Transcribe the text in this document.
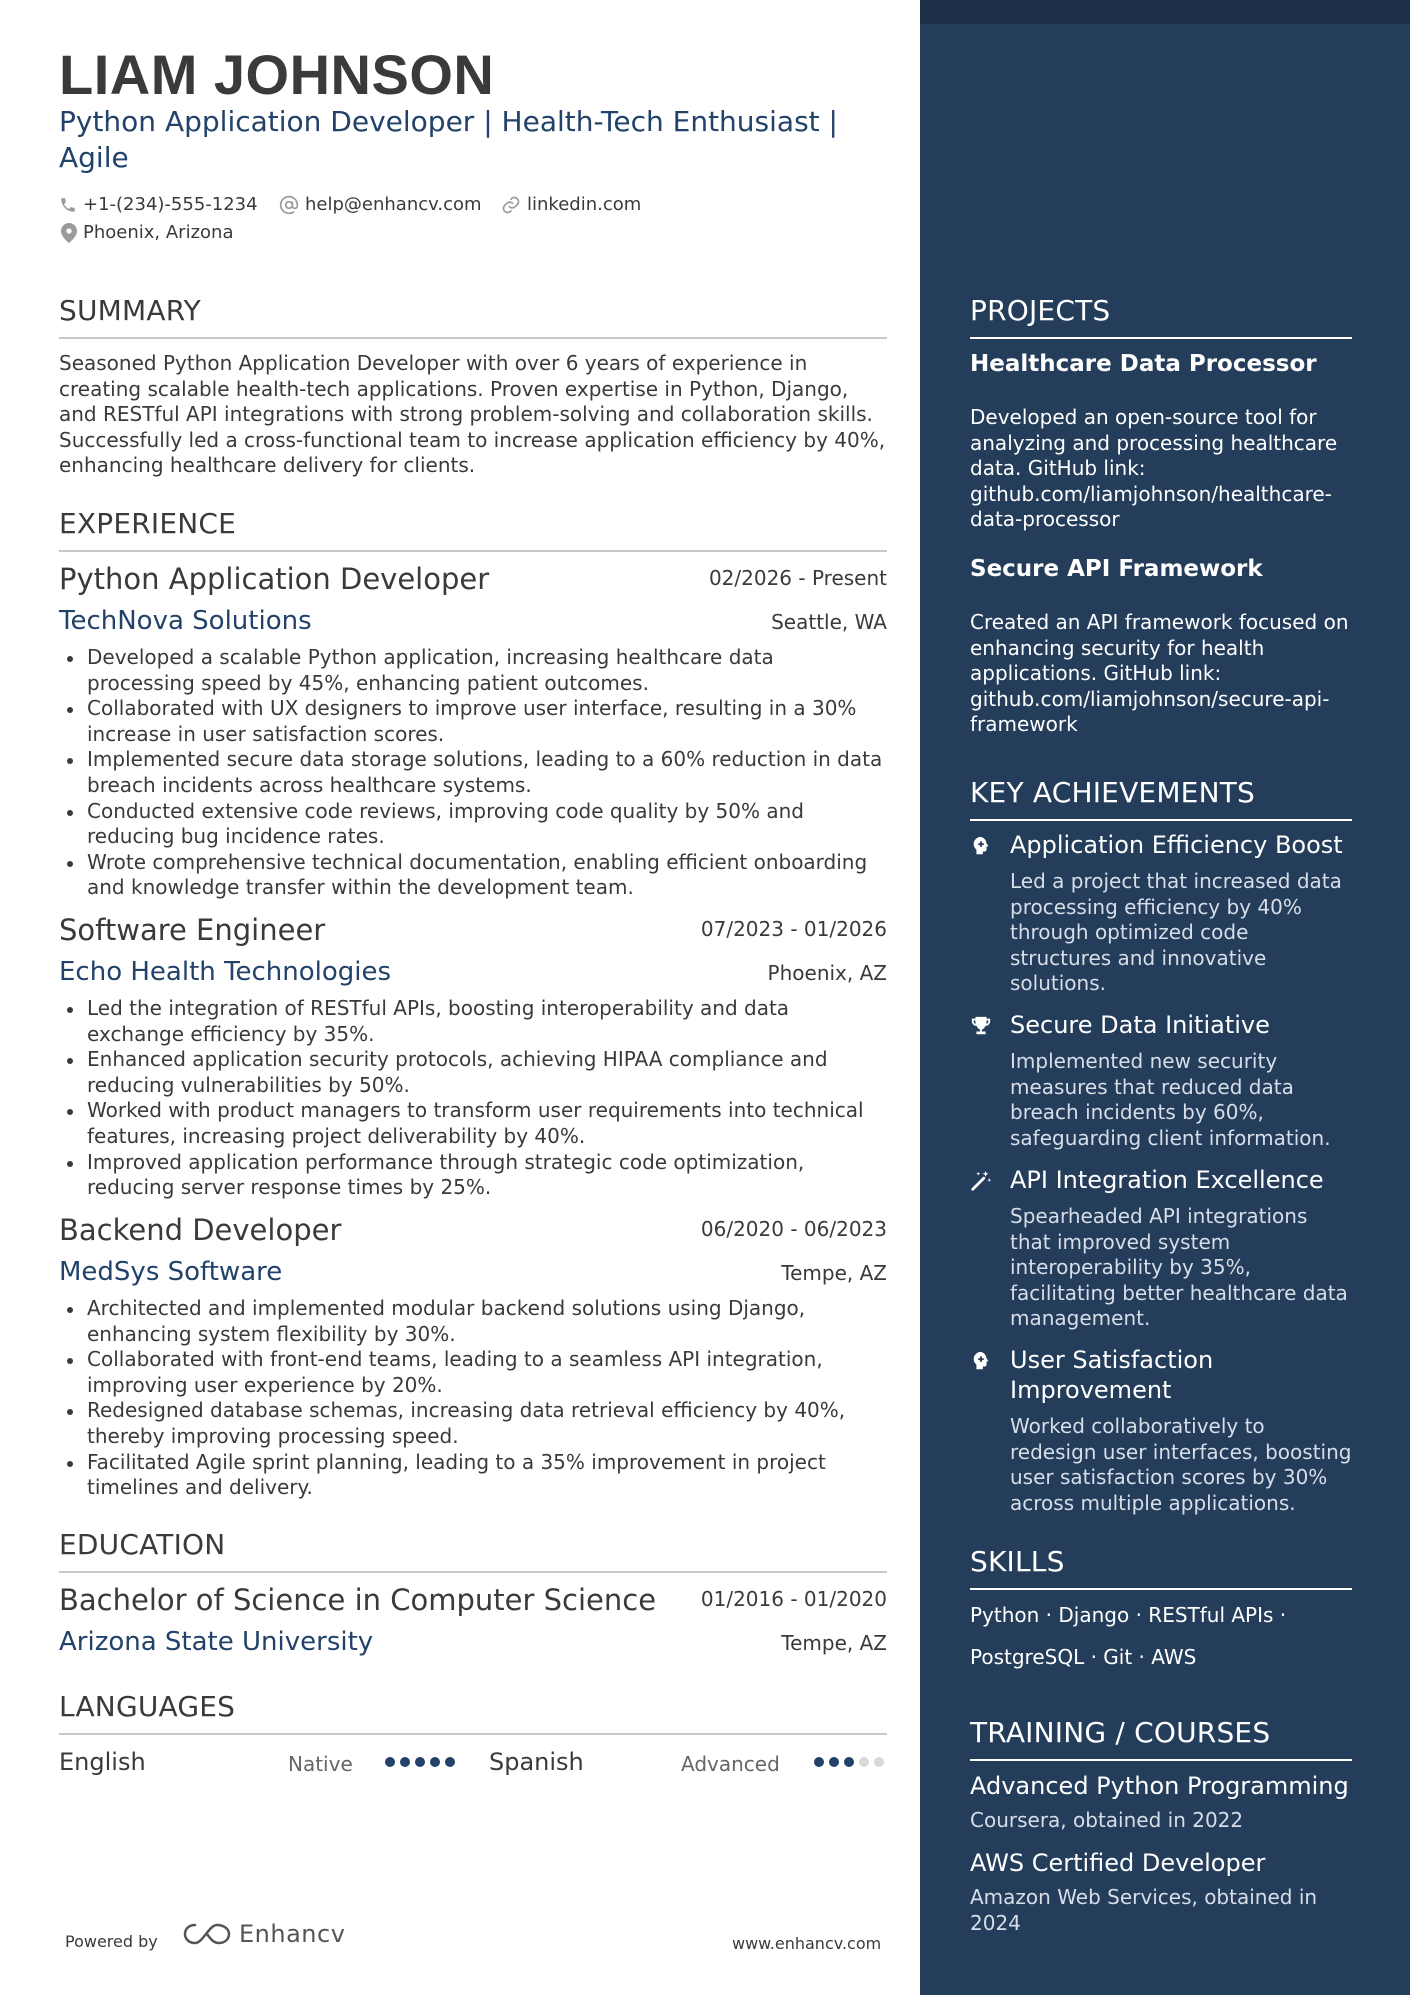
LIAM JOHNSON
Python Application Developer | Health-Tech Enthusiast | Agile
+1-(234)-555-1234	help@enhancv.com	linkedin.com
Phoenix, Arizona
SUMMARY
Seasoned Python Application Developer with over 6 years of experience in creating scalable health-tech applications. Proven expertise in Python, Django, and RESTful API integrations with strong problem-solving and collaboration skills. Successfully led a cross-functional team to increase application efficiency by 40%, enhancing healthcare delivery for clients.
EXPERIENCE
Python Application Developer	02/2026 - Present
TechNova Solutions	Seattle, WA
Developed a scalable Python application, increasing healthcare data processing speed by 45%, enhancing patient outcomes.
Collaborated with UX designers to improve user interface, resulting in a 30% increase in user satisfaction scores.
Implemented secure data storage solutions, leading to a 60% reduction in data breach incidents across healthcare systems.
Conducted extensive code reviews, improving code quality by 50% and reducing bug incidence rates.
Wrote comprehensive technical documentation, enabling efficient onboarding and knowledge transfer within the development team.
Software Engineer	07/2023 - 01/2026
Echo Health Technologies	Phoenix, AZ
Led the integration of RESTful APIs, boosting interoperability and data exchange efficiency by 35%.
Enhanced application security protocols, achieving HIPAA compliance and reducing vulnerabilities by 50%.
Worked with product managers to transform user requirements into technical features, increasing project deliverability by 40%.
Improved application performance through strategic code optimization, reducing server response times by 25%.
Backend Developer	06/2020 - 06/2023
MedSys Software	Tempe, AZ
Architected and implemented modular backend solutions using Django, enhancing system flexibility by 30%.
Collaborated with front-end teams, leading to a seamless API integration, improving user experience by 20%.
Redesigned database schemas, increasing data retrieval efficiency by 40%, thereby improving processing speed.
Facilitated Agile sprint planning, leading to a 35% improvement in project timelines and delivery.
EDUCATION
Bachelor of Science in Computer Science 01/2016 - 01/2020
Arizona State University	Tempe, AZ
LANGUAGES
English	Native	Spanish	Advanced
Powered by	Enhancv	www.enhancv.com
PROJECTS
Healthcare Data Processor
Developed an open-source tool for analyzing and processing healthcare data. GitHub link: github.com/liamjohnson/healthcare-data-processor
Secure API Framework
Created an API framework focused on enhancing security for health applications. GitHub link: github.com/liamjohnson/secure-api-framework
KEY ACHIEVEMENTS
Application Efficiency Boost
Led a project that increased data processing efficiency by 40% through optimized code structures and innovative solutions.
Secure Data Initiative
Implemented new security measures that reduced data breach incidents by 60%, safeguarding client information.
API Integration Excellence
Spearheaded API integrations that improved system interoperability by 35%, facilitating better healthcare data management.
User Satisfaction Improvement
Worked collaboratively to redesign user interfaces, boosting user satisfaction scores by 30% across multiple applications.
SKILLS
Python · Django · RESTful APIs ·
PostgreSQL · Git · AWS
TRAINING / COURSES
Advanced Python Programming
Coursera, obtained in 2022
AWS Certified Developer
Amazon Web Services, obtained in 2024
